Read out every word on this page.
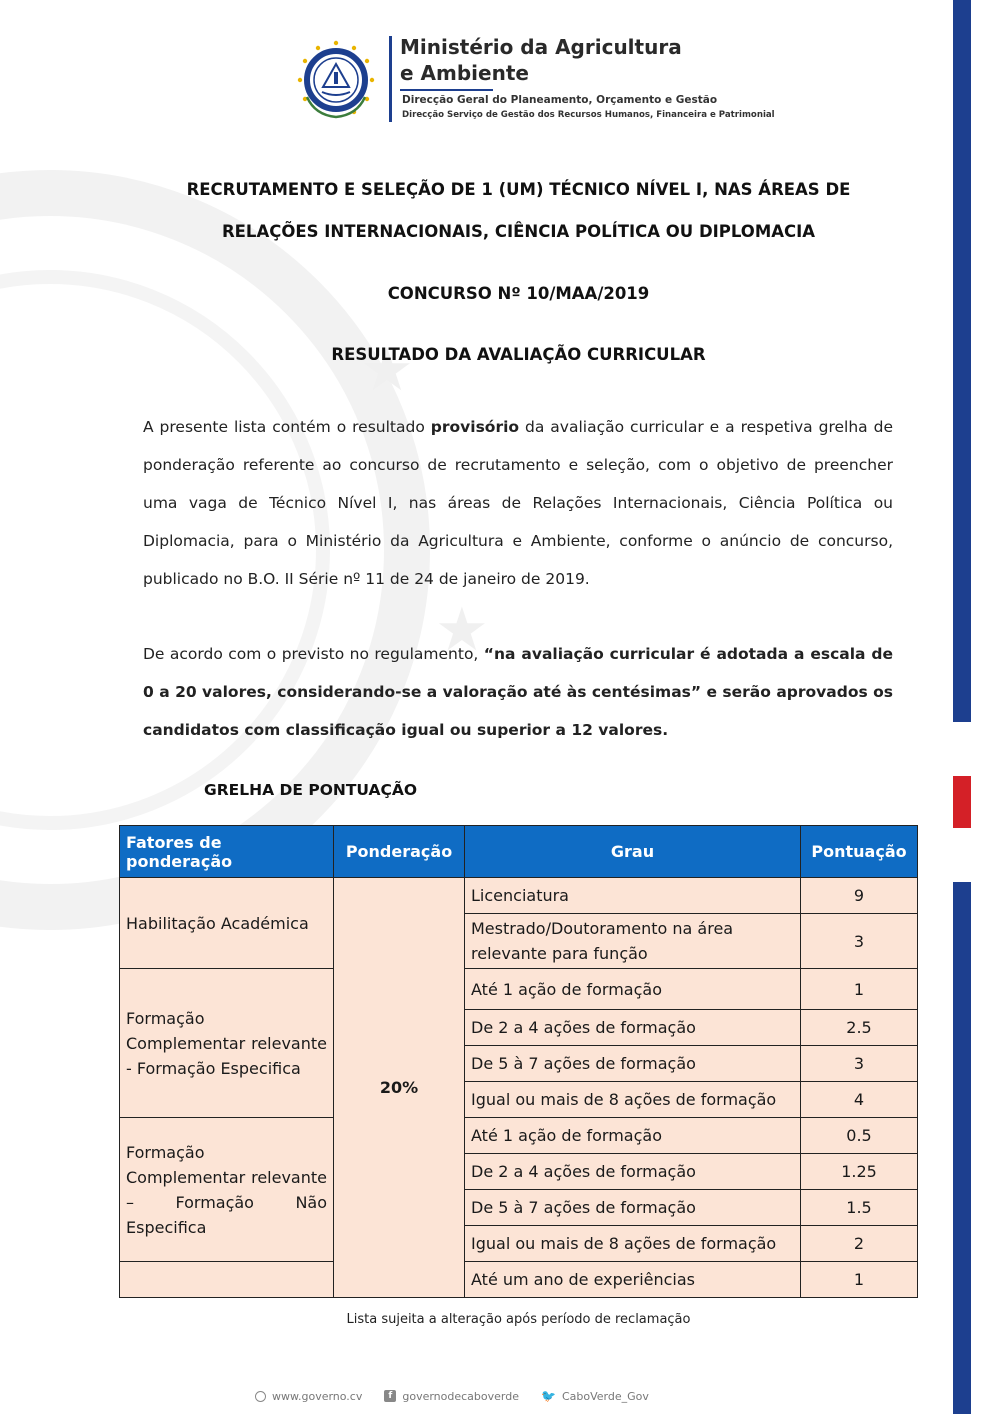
★
★
Ministério da Agricultura
e Ambiente
Direcção Geral do Planeamento, Orçamento e Gestão
Direcção Serviço de Gestão dos Recursos Humanos, Financeira e Patrimonial
RECRUTAMENTO E SELEÇÃO DE 1 (UM) TÉCNICO NÍVEL I, NAS ÁREAS DE
RELAÇÕES INTERNACIONAIS, CIÊNCIA POLÍTICA OU DIPLOMACIA
CONCURSO Nº 10/MAA/2019
RESULTADO DA AVALIAÇÃO CURRICULAR
A presente lista contém o resultado provisório da avaliação curricular e a respetiva grelha de ponderação referente ao concurso de recrutamento e seleção, com o objetivo de preencher uma vaga de Técnico Nível I, nas áreas de Relações Internacionais, Ciência Política ou Diplomacia, para o Ministério da Agricultura e Ambiente, conforme o anúncio de concurso, publicado no B.O. II Série nº 11 de 24 de janeiro de 2019.
De acordo com o previsto no regulamento, “na avaliação curricular é adotada a escala de 0 a 20 valores, considerando-se a valoração até às centésimas” e serão aprovados os candidatos com classificação igual ou superior a 12 valores.
GRELHA DE PONTUAÇÃO
Fatores de ponderação	Ponderação	Grau	Pontuação
Habilitação Académica	20%	Licenciatura	9
		Mestrado/Doutoramento na área relevante para função	3
Formação Complementar relevante - Formação Especifica		Até 1 ação de formação	1
		De 2 a 4 ações de formação	2.5
		De 5 à 7 ações de formação	3
		Igual ou mais de 8 ações de formação	4
Formação Complementar relevante – Formação Não Especifica		Até 1 ação de formação	0.5
		De 2 a 4 ações de formação	1.25
		De 5 à 7 ações de formação	1.5
		Igual ou mais de 8 ações de formação	2
		Até um ano de experiências	1
Lista sujeita a alteração após período de reclamação
www.governo.cv	f governodecaboverde 🐦 CaboVerde_Gov
